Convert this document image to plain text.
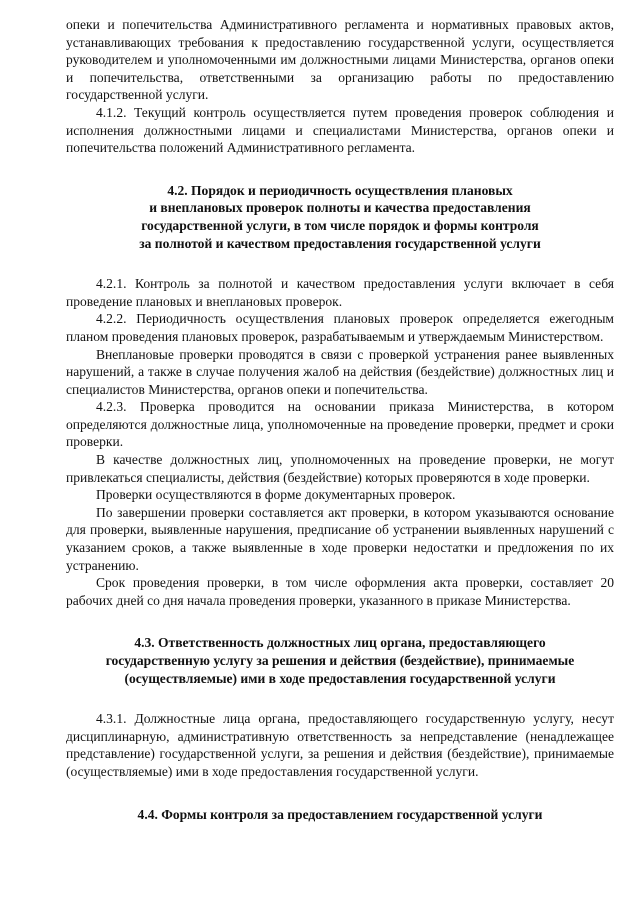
опеки и попечительства Административного регламента и нормативных правовых актов, устанавливающих требования к предоставлению государственной услуги, осуществляется руководителем и уполномоченными им должностными лицами Министерства, органов опеки и попечительства, ответственными за организацию работы по предоставлению государственной услуги.

4.1.2. Текущий контроль осуществляется путем проведения проверок соблюдения и исполнения должностными лицами и специалистами Министерства, органов опеки и попечительства положений Административного регламента.

4.2. Порядок и периодичность осуществления плановых
и внеплановых проверок полноты и качества предоставления
государственной услуги, в том числе порядок и формы контроля
за полнотой и качеством предоставления государственной услуги

4.2.1. Контроль за полнотой и качеством предоставления услуги включает в себя проведение плановых и внеплановых проверок.

4.2.2. Периодичность осуществления плановых проверок определяется ежегодным планом проведения плановых проверок, разрабатываемым и утверждаемым Министерством.

Внеплановые проверки проводятся в связи с проверкой устранения ранее выявленных нарушений, а также в случае получения жалоб на действия (бездействие) должностных лиц и специалистов Министерства, органов опеки и попечительства.

4.2.3. Проверка проводится на основании приказа Министерства, в котором определяются должностные лица, уполномоченные на проведение проверки, предмет и сроки проверки.

В качестве должностных лиц, уполномоченных на проведение проверки, не могут привлекаться специалисты, действия (бездействие) которых проверяются в ходе проверки.

Проверки осуществляются в форме документарных проверок.

По завершении проверки составляется акт проверки, в котором указываются основание для проверки, выявленные нарушения, предписание об устранении выявленных нарушений с указанием сроков, а также выявленные в ходе проверки недостатки и предложения по их устранению.

Срок проведения проверки, в том числе оформления акта проверки, составляет 20 рабочих дней со дня начала проведения проверки, указанного в приказе Министерства.

4.3. Ответственность должностных лиц органа, предоставляющего
государственную услугу за решения и действия (бездействие), принимаемые
(осуществляемые) ими в ходе предоставления государственной услуги

4.3.1. Должностные лица органа, предоставляющего государственную услугу, несут дисциплинарную, административную ответственность за непредставление (ненадлежащее представление) государственной услуги, за решения и действия (бездействие), принимаемые (осуществляемые) ими в ходе предоставления государственной услуги.

4.4. Формы контроля за предоставлением государственной услуги
